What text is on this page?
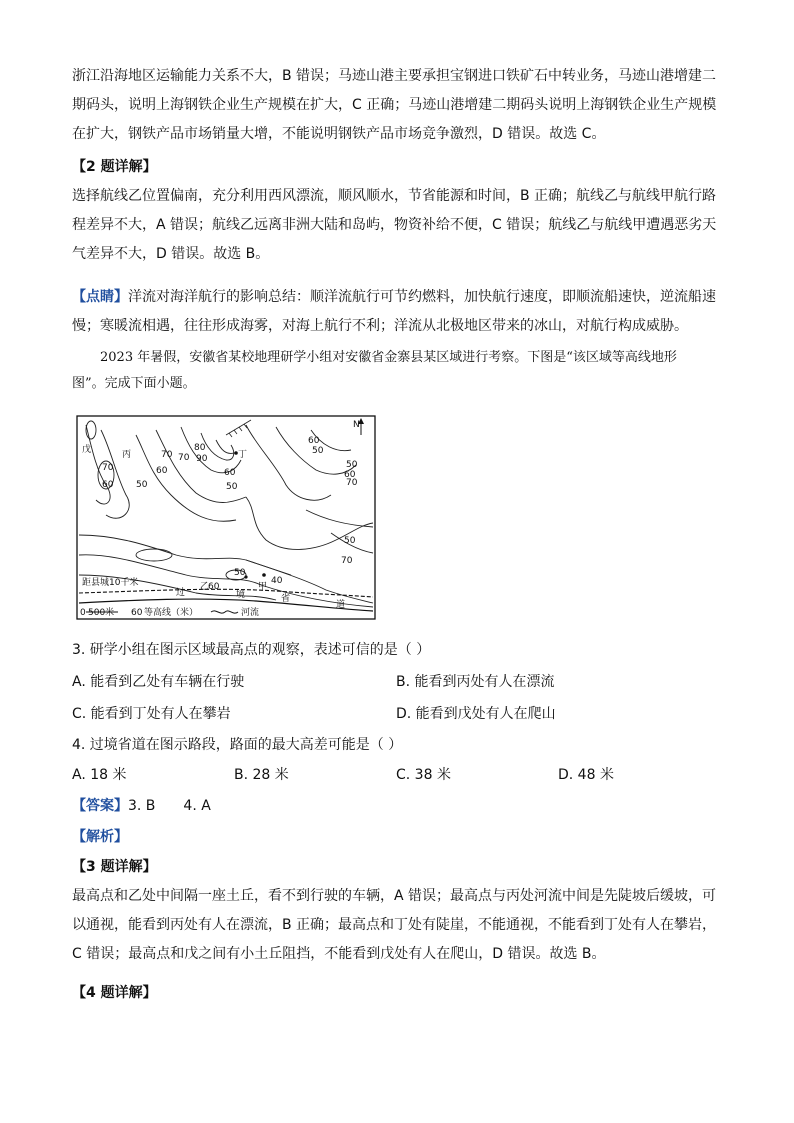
浙江沿海地区运输能力关系不大，B 错误；马迹山港主要承担宝钢进口铁矿石中转业务，马迹山港增建二
期码头，说明上海钢铁企业生产规模在扩大，C 正确；马迹山港增建二期码头说明上海钢铁企业生产规模
在扩大，钢铁产品市场销量大增，不能说明钢铁产品市场竞争激烈，D 错误。故选 C。
【2 题详解】
选择航线乙位置偏南，充分利用西风漂流，顺风顺水，节省能源和时间，B 正确；航线乙与航线甲航行路
程差异不大，A 错误；航线乙远离非洲大陆和岛屿，物资补给不便，C 错误；航线乙与航线甲遭遇恶劣天
气差异不大，D 错误。故选 B。
【点睛】洋流对海洋航行的影响总结：顺洋流航行可节约燃料，加快航行速度，即顺流船速快，逆流船速
慢；寒暖流相遇，往往形成海雾，对海上航行不利；洋流从北极地区带来的冰山，对航行构成威胁。
2023 年暑假，安徽省某校地理研学小组对安徽省金寨县某区域进行考察。下图是“该区域等高线地形
图”。完成下面小题。
N
戊	丙
乙	甲
丁
70
60	50
70
60
80
90
70
60
50
60
50
70
50
60
70
50
50
40
60
过	境	省
道
距县城10千米
0 500米 60 等高线（米）	河流
3. 研学小组在图示区域最高点的观察，表述可信的是（ ）
A. 能看到乙处有车辆在行驶	B. 能看到丙处有人在漂流
C. 能看到丁处有人在攀岩	D. 能看到戊处有人在爬山
4. 过境省道在图示路段，路面的最大高差可能是（ ）
A. 18 米	B. 28 米	C. 38 米	D. 48 米
【答案】3. B 4. A
【解析】
【3 题详解】
最高点和乙处中间隔一座土丘，看不到行驶的车辆，A 错误；最高点与丙处河流中间是先陡坡后缓坡，可
以通视，能看到丙处有人在漂流，B 正确；最高点和丁处有陡崖，不能通视，不能看到丁处有人在攀岩，
C 错误；最高点和戊之间有小土丘阻挡，不能看到戊处有人在爬山，D 错误。故选 B。
【4 题详解】
